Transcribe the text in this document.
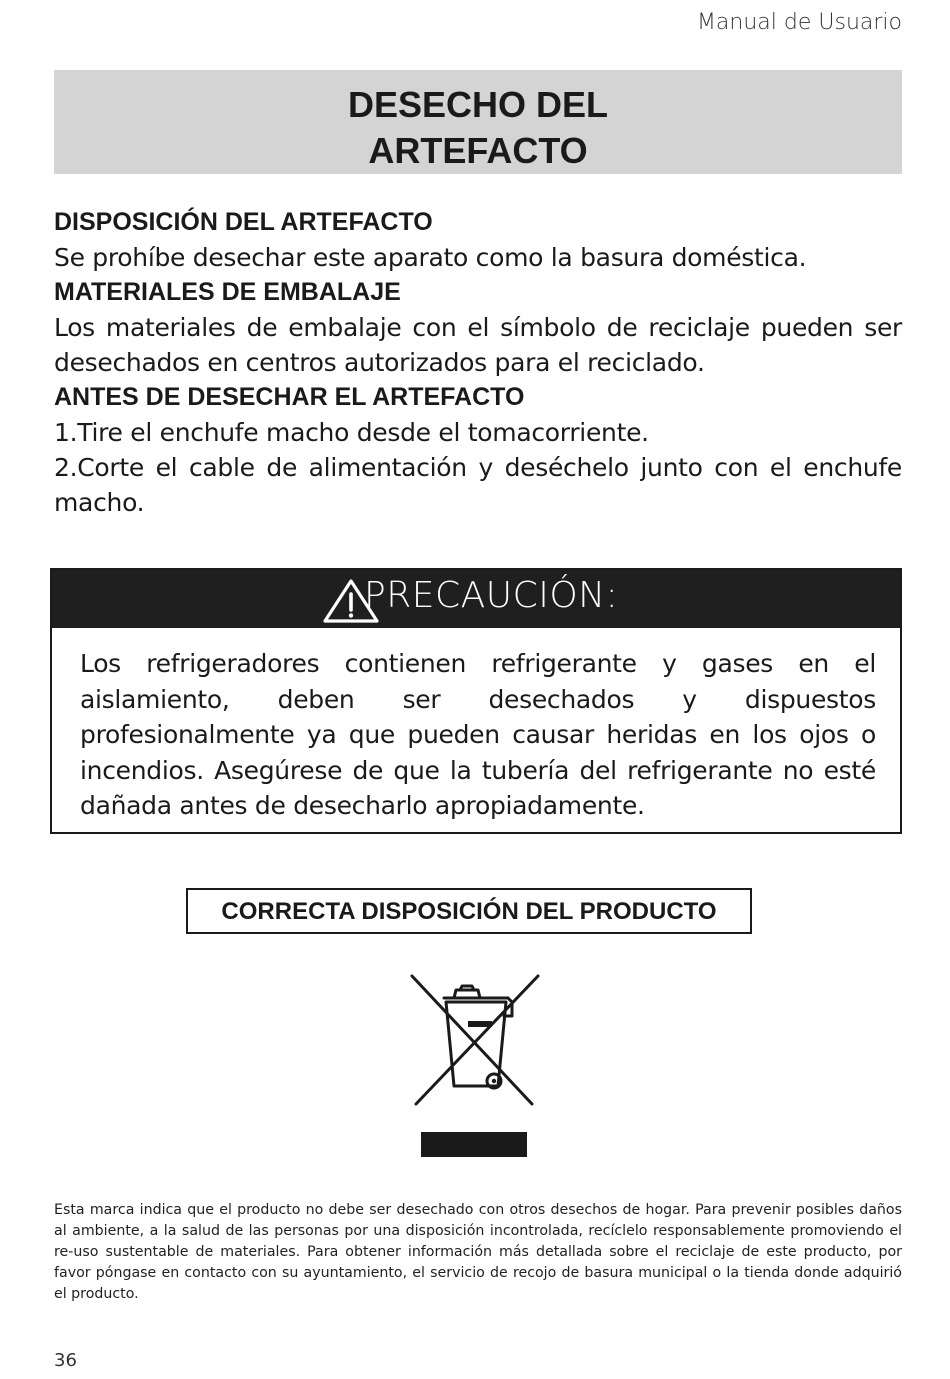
Manual de Usuario
DESECHO DEL
ARTEFACTO

DISPOSICIÓN DEL ARTEFACTO

Se prohíbe desechar este aparato como la basura doméstica.

MATERIALES DE EMBALAJE

Los materiales de embalaje con el símbolo de reciclaje pueden ser desechados en centros autorizados para el reciclado.

ANTES DE DESECHAR EL ARTEFACTO

1.Tire el enchufe macho desde el tomacorriente.

2.Corte el cable de alimentación y deséchelo junto con el enchufe macho.

PRECAUCIÓN:

Los refrigeradores contienen refrigerante y gases en el aislamiento, deben ser desechados y dispuestos profesionalmente ya que pueden causar heridas en los ojos o incendios. Asegúrese de que la tubería del refrigerante no esté dañada antes de desecharlo apropiadamente.

CORRECTA DISPOSICIÓN DEL PRODUCTO

Esta marca indica que el producto no debe ser desechado con otros desechos de hogar. Para prevenir posibles daños al ambiente, a la salud de las personas por una disposición incontrolada, recíclelo responsablemente promoviendo el re-uso sustentable de materiales. Para obtener información más detallada sobre el reciclaje de este producto, por favor póngase en contacto con su ayuntamiento, el servicio de recojo de basura municipal o la tienda donde adquirió el producto.

36
